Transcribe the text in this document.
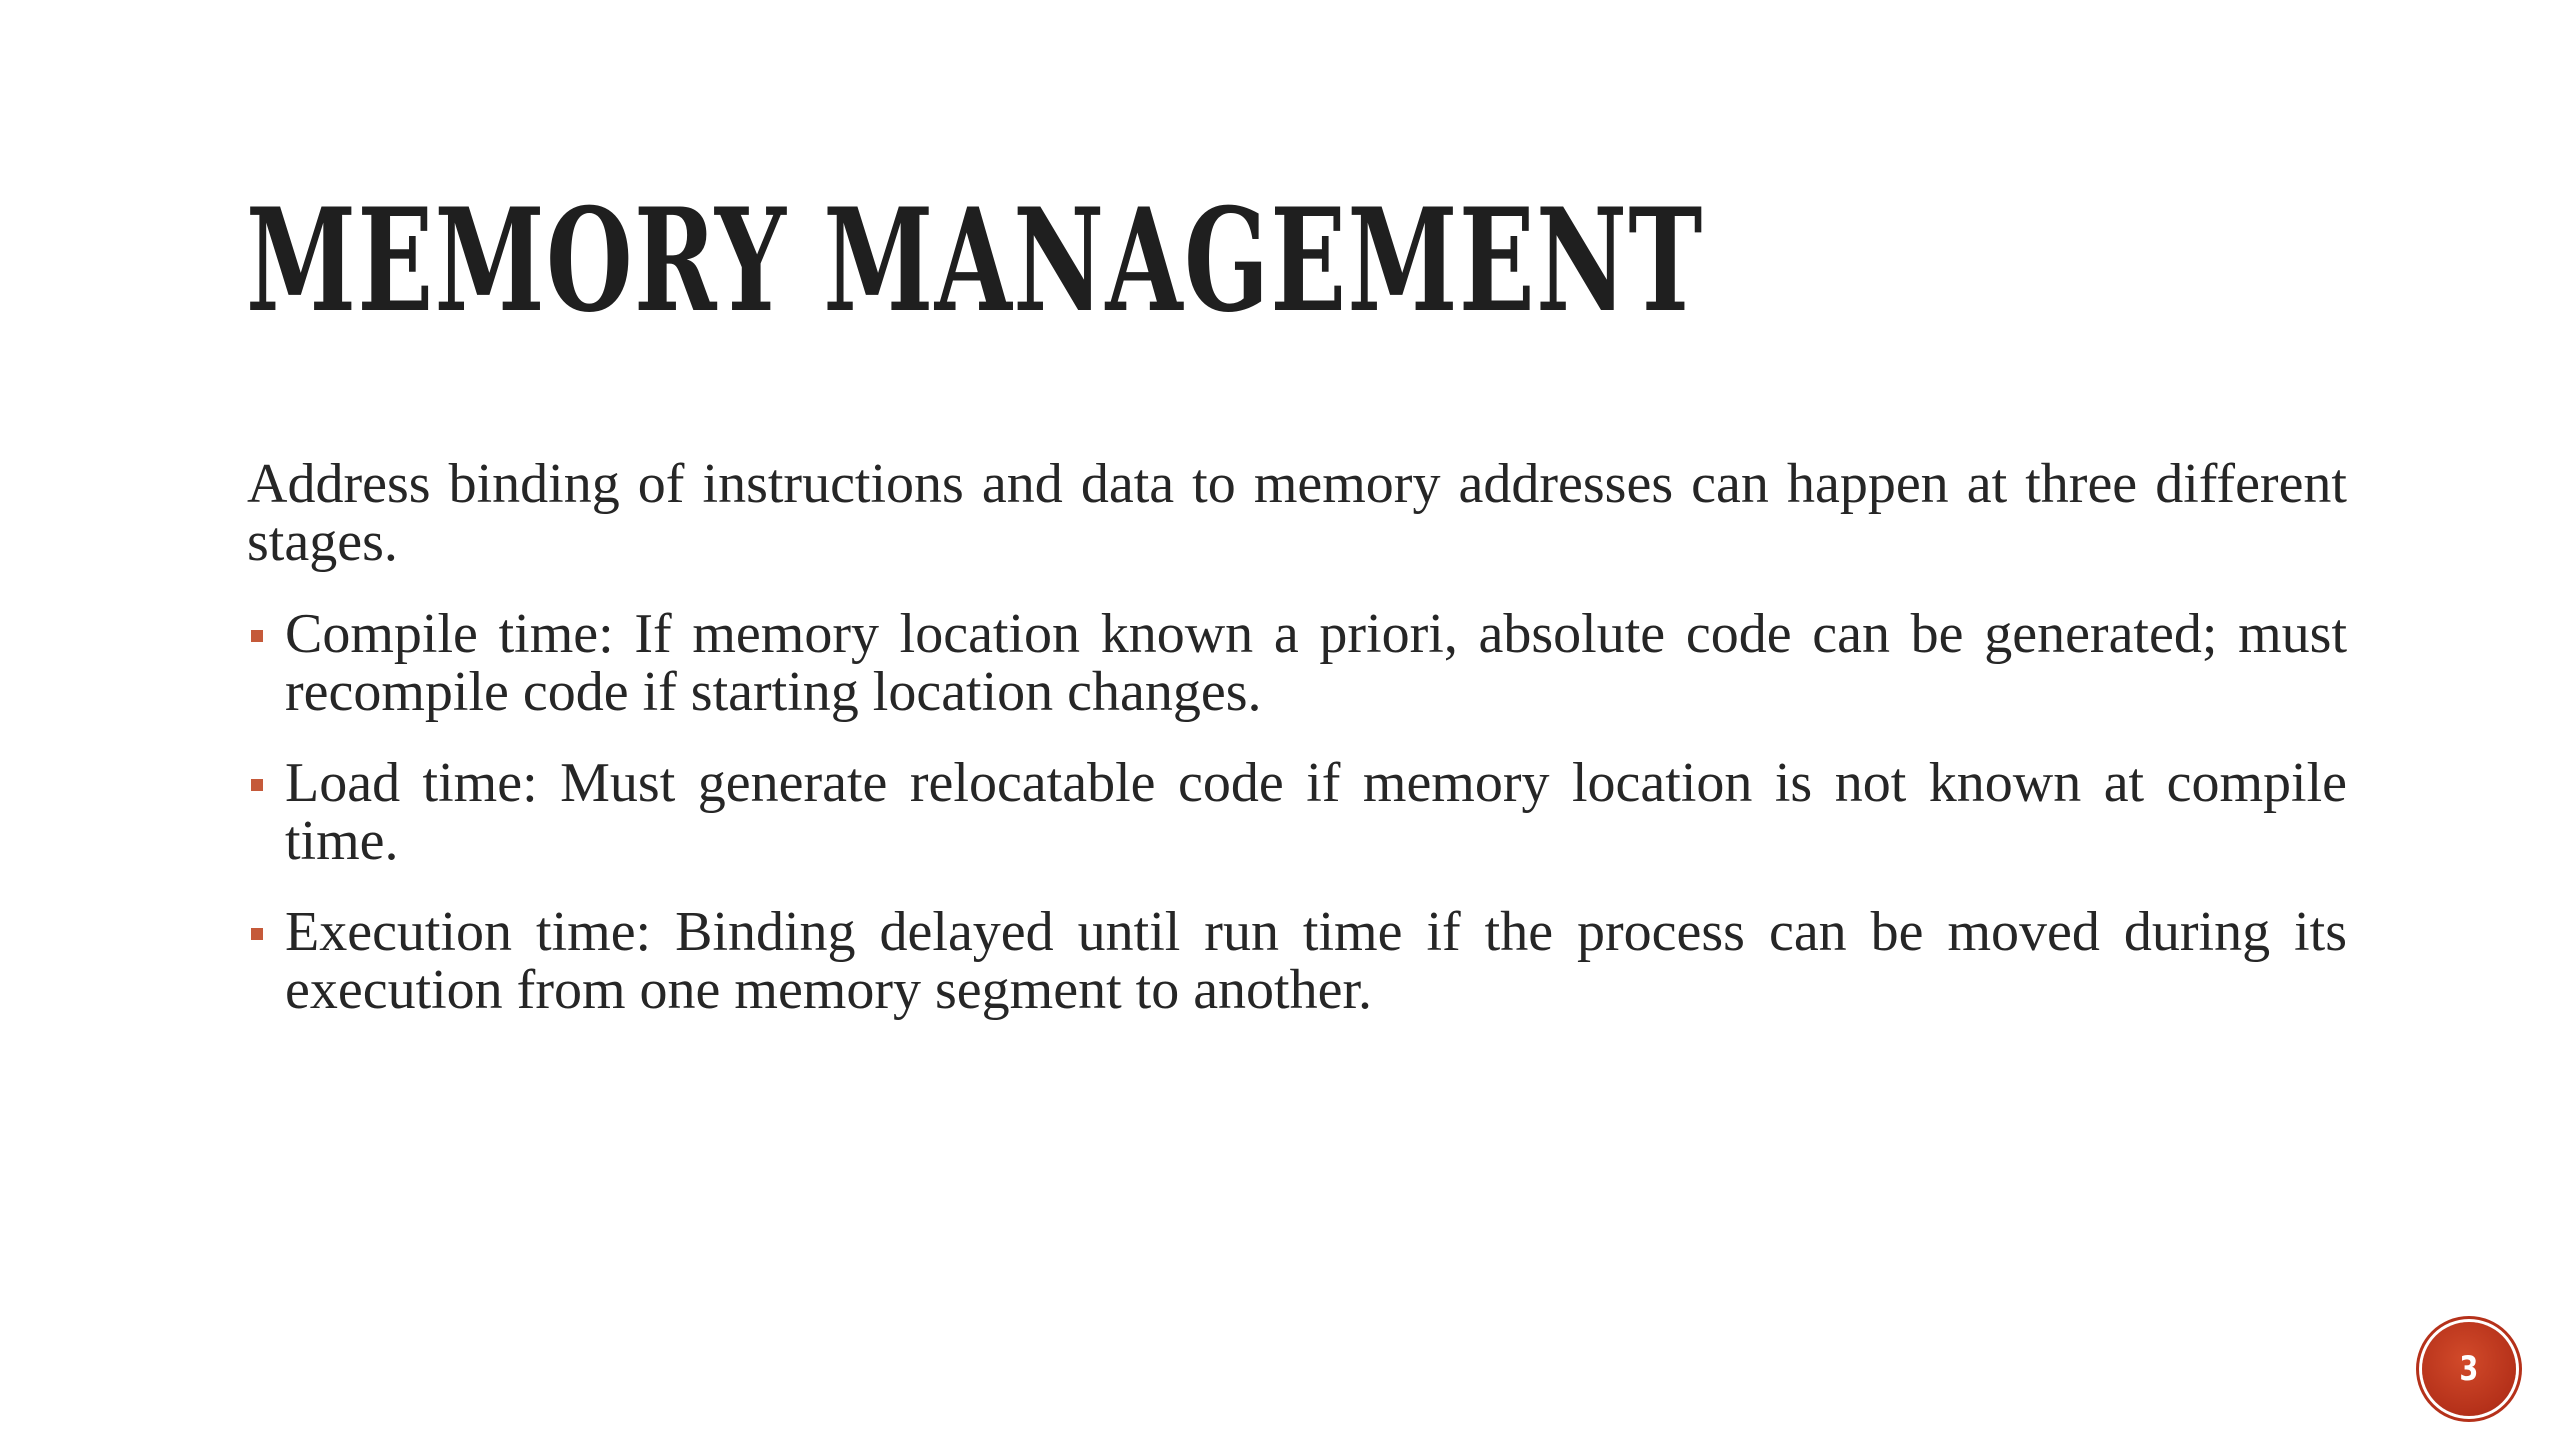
MEMORY MANAGEMENT

Address binding of instructions and data to memory addresses can happen at three different stages.

Compile time: If memory location known a priori, absolute code can be generated; must recompile code if starting location changes.
Load time: Must generate relocatable code if memory location is not known at compile time.
Execution time: Binding delayed until run time if the process can be moved during its execution from one memory segment to another.
3
